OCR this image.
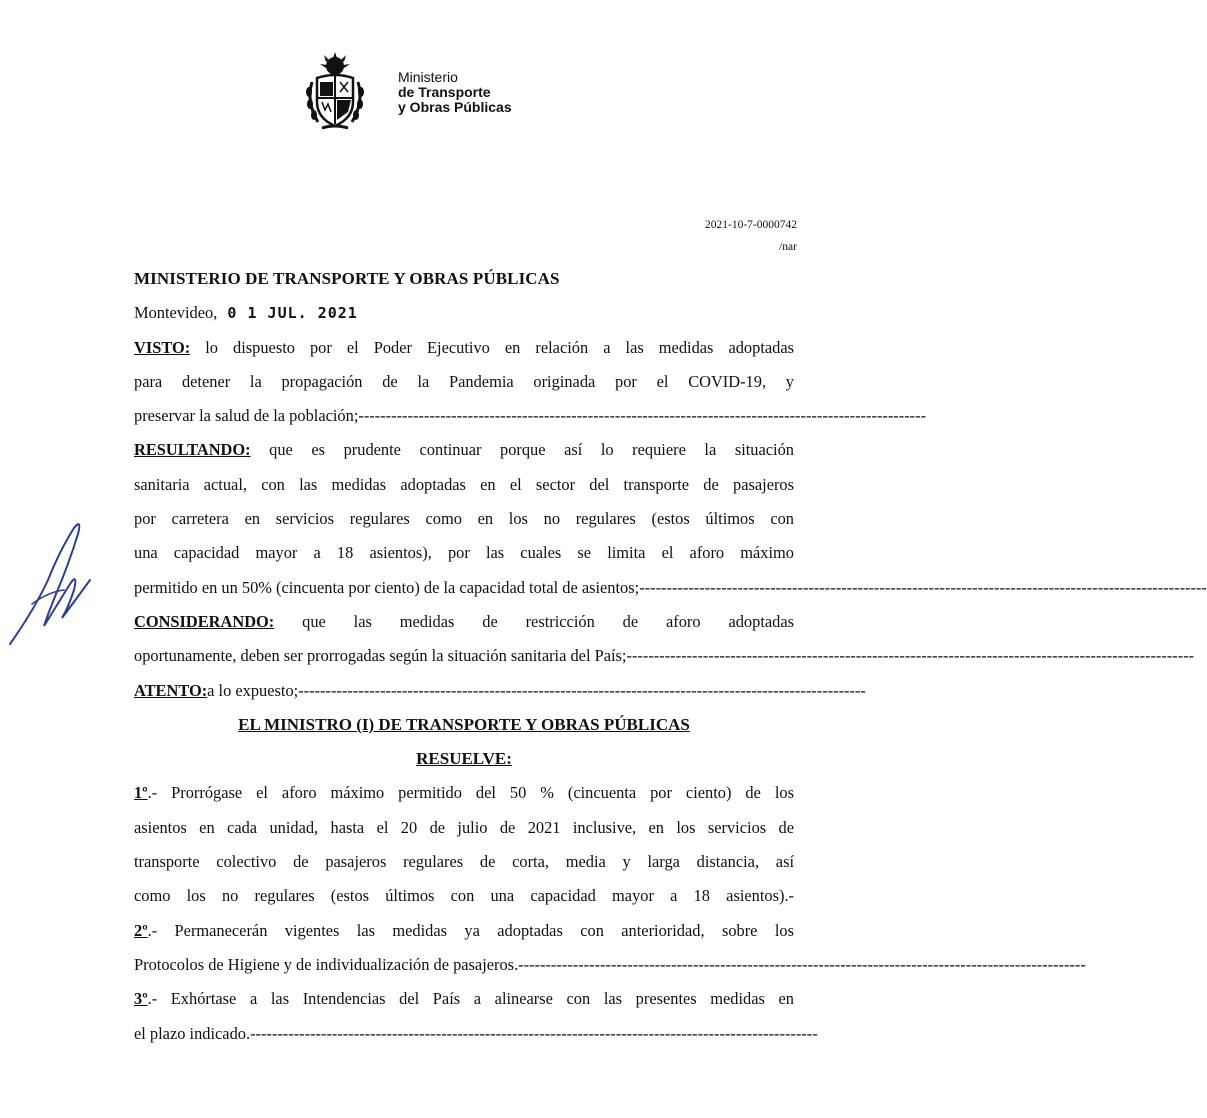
Ministerio
de Transporte
y Obras Públicas
2021-10-7-0000742
/nar
MINISTERIO DE TRANSPORTE Y OBRAS PÚBLICAS
Montevideo, 0 1 JUL. 2021
VISTO: lo dispuesto por el Poder Ejecutivo en relación a las medidas adoptadas
para detener la propagación de la Pandemia originada por el COVID-19, y
preservar la salud de la población; --------------------------------------------------------------------------------------------------------
RESULTANDO: que es prudente continuar porque así lo requiere la situación
sanitaria actual, con las medidas adoptadas en el sector del transporte de pasajeros
por carretera en servicios regulares como en los no regulares (estos últimos con
una capacidad mayor a 18 asientos), por las cuales se limita el aforo máximo
permitido en un 50% (cincuenta por ciento) de la capacidad total de asientos; --------------------------------------------------------------------------------------------------------
CONSIDERANDO: que las medidas de restricción de aforo adoptadas
oportunamente, deben ser prorrogadas según la situación sanitaria del País; --------------------------------------------------------------------------------------------------------
ATENTO: a lo expuesto; --------------------------------------------------------------------------------------------------------
EL MINISTRO (I) DE TRANSPORTE Y OBRAS PÚBLICAS
RESUELVE:
1º.- Prorrógase el aforo máximo permitido del 50 % (cincuenta por ciento) de los
asientos en cada unidad, hasta el 20 de julio de 2021 inclusive, en los servicios de
transporte colectivo de pasajeros regulares de corta, media y larga distancia, así
como los no regulares (estos últimos con una capacidad mayor a 18 asientos).-
2º.- Permanecerán vigentes las medidas ya adoptadas con anterioridad, sobre los
Protocolos de Higiene y de individualización de pasajeros. --------------------------------------------------------------------------------------------------------
3º.- Exhórtase a las Intendencias del País a alinearse con las presentes medidas en
el plazo indicado. --------------------------------------------------------------------------------------------------------
